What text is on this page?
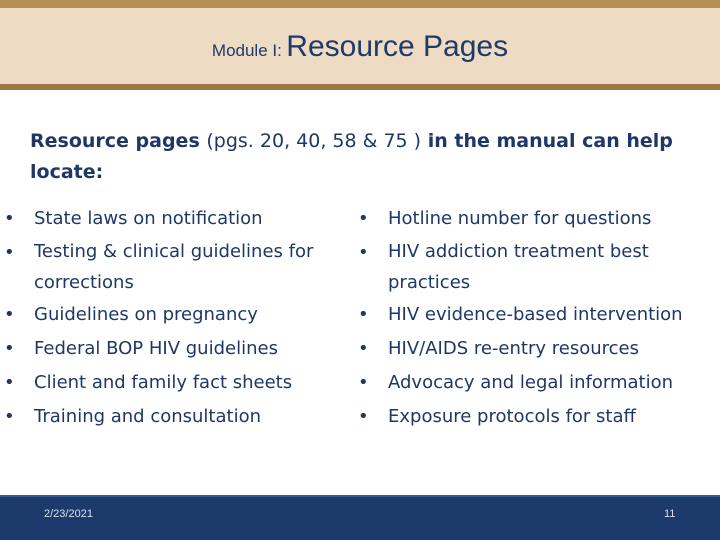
Module I: Resource Pages
Resource pages (pgs. 20, 40, 58 & 75 ) in the manual can help locate:
•	State laws on notification
•	Testing & clinical guidelines for corrections
•	Guidelines on pregnancy
•	Federal BOP HIV guidelines
•	Client and family fact sheets
•	Training and consultation
•	Hotline number for questions
•	HIV addiction treatment best practices
•	HIV evidence-based intervention
•	HIV/AIDS re-entry resources
•	Advocacy and legal information
•	Exposure protocols for staff
2/23/2021	11
